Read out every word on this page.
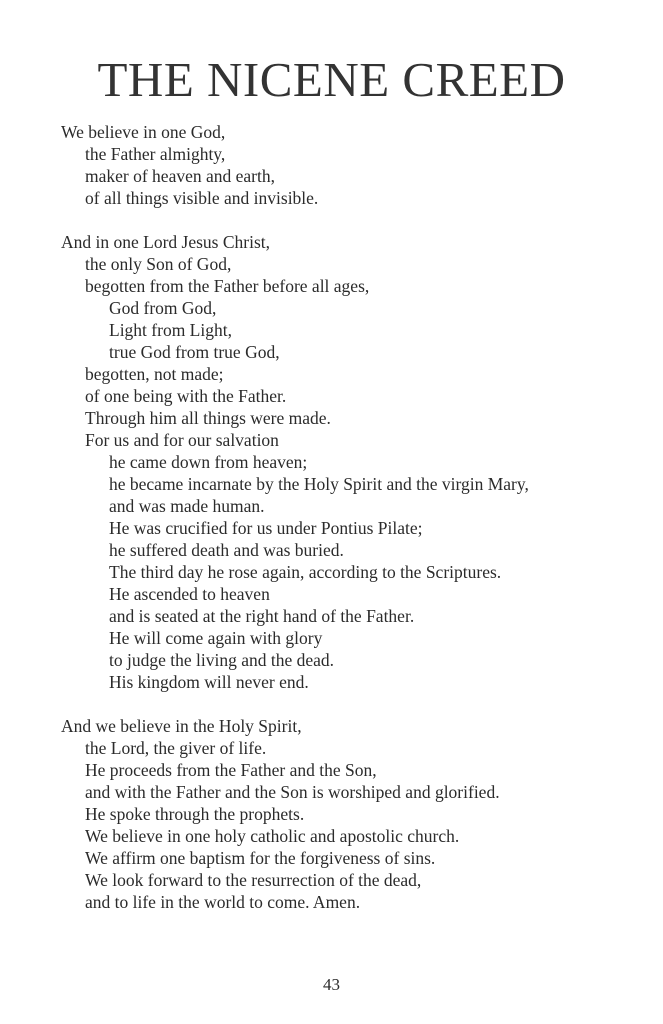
THE NICENE CREED
We believe in one God,
the Father almighty,
maker of heaven and earth,
of all things visible and invisible.
And in one Lord Jesus Christ,
the only Son of God,
begotten from the Father before all ages,
God from God,
Light from Light,
true God from true God,
begotten, not made;
of one being with the Father.
Through him all things were made.
For us and for our salvation
he came down from heaven;
he became incarnate by the Holy Spirit and the virgin Mary,
and was made human.
He was crucified for us under Pontius Pilate;
he suffered death and was buried.
The third day he rose again, according to the Scriptures.
He ascended to heaven
and is seated at the right hand of the Father.
He will come again with glory
to judge the living and the dead.
His kingdom will never end.
And we believe in the Holy Spirit,
the Lord, the giver of life.
He proceeds from the Father and the Son,
and with the Father and the Son is worshiped and glorified.
He spoke through the prophets.
We believe in one holy catholic and apostolic church.
We affirm one baptism for the forgiveness of sins.
We look forward to the resurrection of the dead,
and to life in the world to come. Amen.
43
